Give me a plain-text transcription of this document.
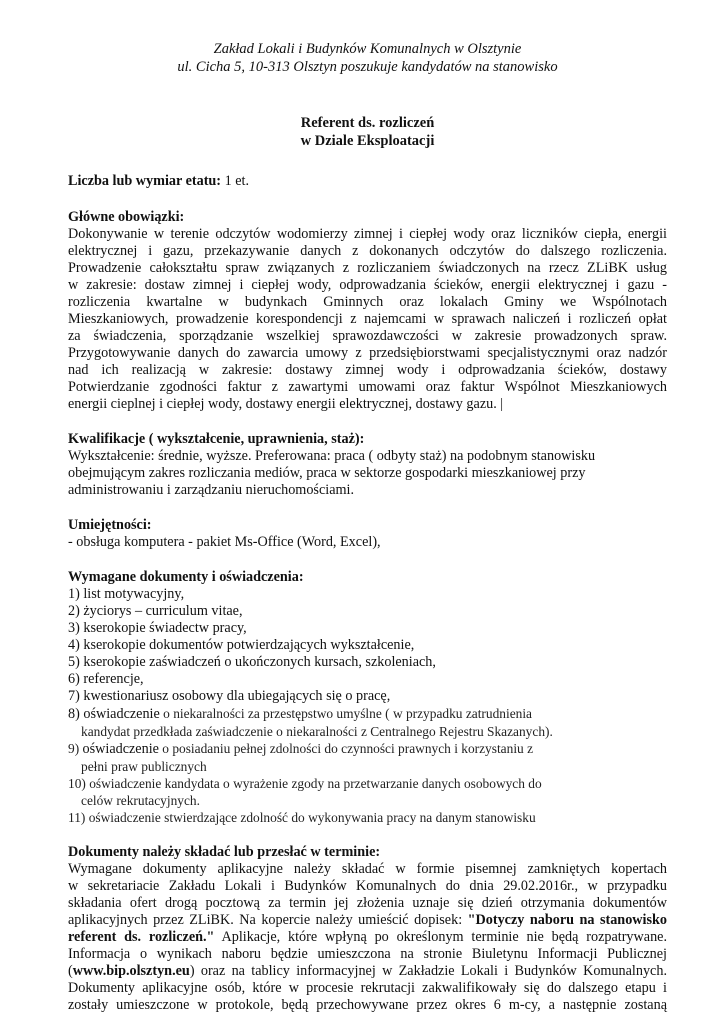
Zakład Lokali i Budynków Komunalnych w Olsztynie
ul. Cicha 5, 10-313 Olsztyn poszukuje kandydatów na stanowisko
Referent ds. rozliczeń
w Dziale Eksploatacji
Liczba lub wymiar etatu: 1 et.
Główne obowiązki:
Dokonywanie w terenie odczytów wodomierzy zimnej i ciepłej wody oraz liczników ciepła, energii
elektrycznej i gazu, przekazywanie danych z dokonanych odczytów do dalszego rozliczenia.
Prowadzenie całokształtu spraw związanych z rozliczaniem świadczonych na rzecz ZLiBK usług
w zakresie: dostaw zimnej i ciepłej wody, odprowadzania ścieków, energii elektrycznej i gazu -
rozliczenia kwartalne w budynkach Gminnych oraz lokalach Gminy we Wspólnotach
Mieszkaniowych, prowadzenie korespondencji z najemcami w sprawach naliczeń i rozliczeń opłat
za świadczenia, sporządzanie wszelkiej sprawozdawczości w zakresie prowadzonych spraw.
Przygotowywanie danych do zawarcia umowy z przedsiębiorstwami specjalistycznymi oraz nadzór
nad ich realizacją w zakresie: dostawy zimnej wody i odprowadzania ścieków, dostawy
Potwierdzanie zgodności faktur z zawartymi umowami oraz faktur Wspólnot Mieszkaniowych
energii cieplnej i ciepłej wody, dostawy energii elektrycznej, dostawy gazu. |
Kwalifikacje ( wykształcenie, uprawnienia, staż):
Wykształcenie: średnie, wyższe. Preferowana: praca ( odbyty staż) na podobnym stanowisku
obejmującym zakres rozliczania mediów, praca w sektorze gospodarki mieszkaniowej przy
administrowaniu i zarządzaniu nieruchomościami.
Umiejętności:
- obsługa komputera - pakiet Ms-Office (Word, Excel),
Wymagane dokumenty i oświadczenia:
1) list motywacyjny,
2) życiorys – curriculum vitae,
3) kserokopie świadectw pracy,
4) kserokopie dokumentów potwierdzających wykształcenie,
5) kserokopie zaświadczeń o ukończonych kursach, szkoleniach,
6) referencje,
7) kwestionariusz osobowy dla ubiegających się o pracę,
8) oświadczenie o niekaralności za przestępstwo umyślne ( w przypadku zatrudnienia
kandydat przedkłada zaświadczenie o niekaralności z Centralnego Rejestru Skazanych).
9) oświadczenie o posiadaniu pełnej zdolności do czynności prawnych i korzystaniu z
pełni praw publicznych
10) oświadczenie kandydata o wyrażenie zgody na przetwarzanie danych osobowych do
celów rekrutacyjnych.
11) oświadczenie stwierdzające zdolność do wykonywania pracy na danym stanowisku
Dokumenty należy składać lub przesłać w terminie:
Wymagane dokumenty aplikacyjne należy składać w formie pisemnej zamkniętych kopertach
w sekretariacie Zakładu Lokali i Budynków Komunalnych do dnia 29.02.2016r., w przypadku
składania ofert drogą pocztową za termin jej złożenia uznaje się dzień otrzymania dokumentów
aplikacyjnych przez ZLiBK. Na kopercie należy umieścić dopisek: "Dotyczy naboru na stanowisko
referent ds. rozliczeń." Aplikacje, które wpłyną po określonym terminie nie będą rozpatrywane.
Informacja o wynikach naboru będzie umieszczona na stronie Biuletynu Informacji Publicznej
(www.bip.olsztyn.eu) oraz na tablicy informacyjnej w Zakładzie Lokali i Budynków Komunalnych.
Dokumenty aplikacyjne osób, które w procesie rekrutacji zakwalifikowały się do dalszego etapu i
zostały umieszczone w protokole, będą przechowywane przez okres 6 m-cy, a następnie zostaną
